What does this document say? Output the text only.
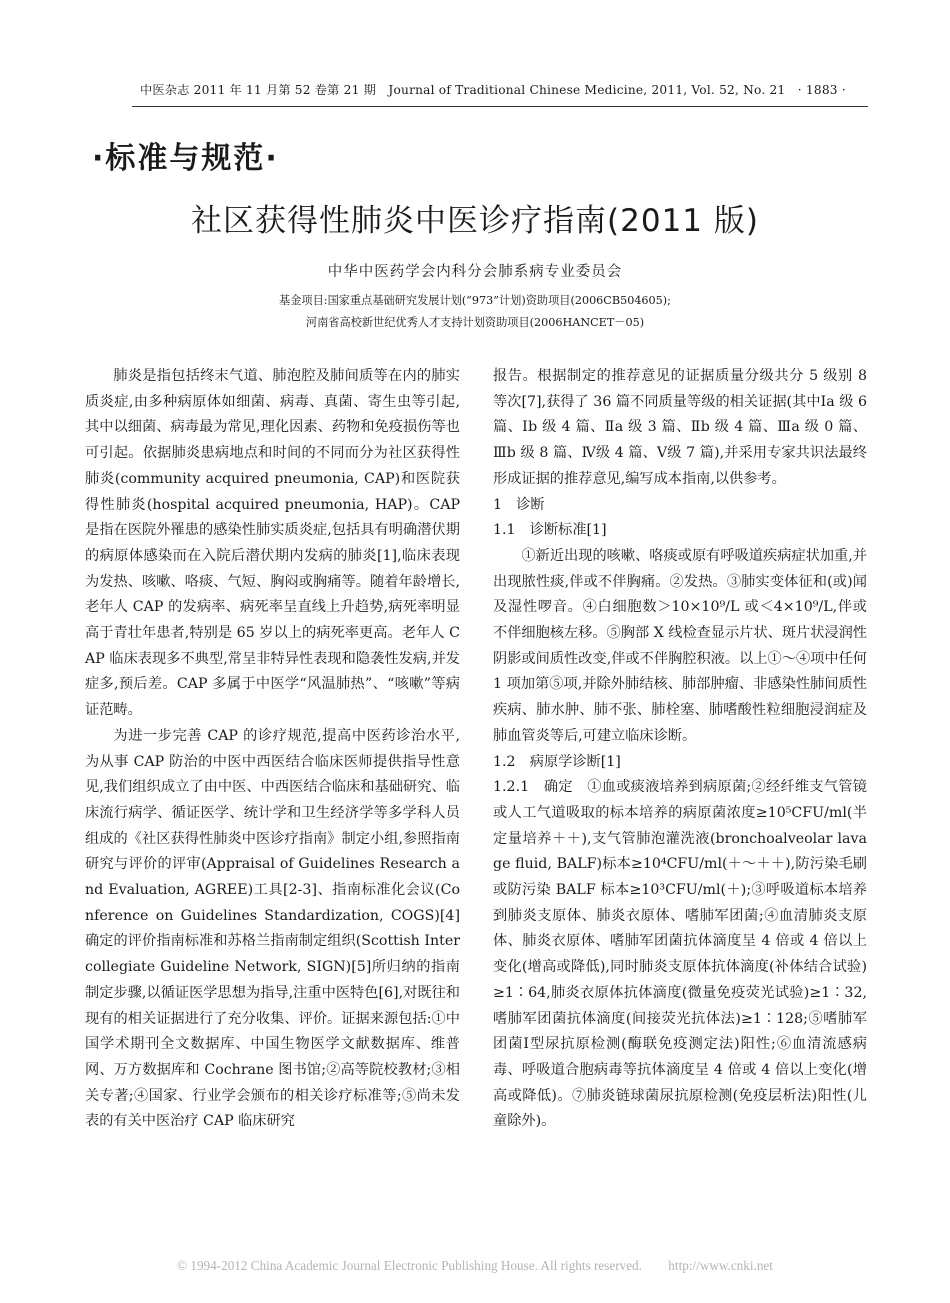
中医杂志 2011 年 11 月第 52 卷第 21 期　Journal of Traditional Chinese Medicine, 2011, Vol. 52, No. 21　· 1883 ·
·标准与规范·
社区获得性肺炎中医诊疗指南(2011 版)
中华中医药学会内科分会肺系病专业委员会
基金项目:国家重点基础研究发展计划(“973”计划)资助项目(2006CB504605);
河南省高校新世纪优秀人才支持计划资助项目(2006HANCET－05)

肺炎是指包括终末气道、肺泡腔及肺间质等在内的肺实质炎症,由多种病原体如细菌、病毒、真菌、寄生虫等引起,其中以细菌、病毒最为常见,理化因素、药物和免疫损伤等也可引起。依据肺炎患病地点和时间的不同而分为社区获得性肺炎(community acquired pneumonia, CAP)和医院获得性肺炎(hospital acquired pneumonia, HAP)。CAP 是指在医院外罹患的感染性肺实质炎症,包括具有明确潜伏期的病原体感染而在入院后潜伏期内发病的肺炎[1],临床表现为发热、咳嗽、咯痰、气短、胸闷或胸痛等。随着年龄增长,老年人 CAP 的发病率、病死率呈直线上升趋势,病死率明显高于青壮年患者,特别是 65 岁以上的病死率更高。老年人 CAP 临床表现多不典型,常呈非特异性表现和隐袭性发病,并发症多,预后差。CAP 多属于中医学“风温肺热”、“咳嗽”等病证范畴。

为进一步完善 CAP 的诊疗规范,提高中医药诊治水平,为从事 CAP 防治的中医中西医结合临床医师提供指导性意见,我们组织成立了由中医、中西医结合临床和基础研究、临床流行病学、循证医学、统计学和卫生经济学等多学科人员组成的《社区获得性肺炎中医诊疗指南》制定小组,参照指南研究与评价的评审(Appraisal of Guidelines Research and Evaluation, AGREE)工具[2-3]、指南标准化会议(Conference on Guidelines Standardization, COGS)[4]确定的评价指南标准和苏格兰指南制定组织(Scottish Intercollegiate Guideline Network, SIGN)[5]所归纳的指南制定步骤,以循证医学思想为指导,注重中医特色[6],对既往和现有的相关证据进行了充分收集、评价。证据来源包括:①中国学术期刊全文数据库、中国生物医学文献数据库、维普网、万方数据库和 Cochrane 图书馆;②高等院校教材;③相关专著;④国家、行业学会颁布的相关诊疗标准等;⑤尚未发表的有关中医治疗 CAP 临床研究

报告。根据制定的推荐意见的证据质量分级共分 5 级别 8 等次[7],获得了 36 篇不同质量等级的相关证据(其中Ⅰa 级 6 篇、Ⅰb 级 4 篇、Ⅱa 级 3 篇、Ⅱb 级 4 篇、Ⅲa 级 0 篇、Ⅲb 级 8 篇、Ⅳ级 4 篇、Ⅴ级 7 篇),并采用专家共识法最终形成证据的推荐意见,编写成本指南,以供参考。

1　诊断

1.1　诊断标准[1]

①新近出现的咳嗽、咯痰或原有呼吸道疾病症状加重,并出现脓性痰,伴或不伴胸痛。②发热。③肺实变体征和(或)闻及湿性啰音。④白细胞数＞10×10⁹/L 或＜4×10⁹/L,伴或不伴细胞核左移。⑤胸部 X 线检查显示片状、斑片状浸润性阴影或间质性改变,伴或不伴胸腔积液。以上①～④项中任何 1 项加第⑤项,并除外肺结核、肺部肿瘤、非感染性肺间质性疾病、肺水肿、肺不张、肺栓塞、肺嗜酸性粒细胞浸润症及肺血管炎等后,可建立临床诊断。

1.2　病原学诊断[1]

1.2.1　确定　①血或痰液培养到病原菌;②经纤维支气管镜或人工气道吸取的标本培养的病原菌浓度≥10⁵CFU/ml(半定量培养＋＋),支气管肺泡灌洗液(bronchoalveolar lavage fluid, BALF)标本≥10⁴CFU/ml(＋～＋＋),防污染毛刷或防污染 BALF 标本≥10³CFU/ml(＋);③呼吸道标本培养到肺炎支原体、肺炎衣原体、嗜肺军团菌;④血清肺炎支原体、肺炎衣原体、嗜肺军团菌抗体滴度呈 4 倍或 4 倍以上变化(增高或降低),同时肺炎支原体抗体滴度(补体结合试验)≥1∶64,肺炎衣原体抗体滴度(微量免疫荧光试验)≥1∶32,嗜肺军团菌抗体滴度(间接荧光抗体法)≥1∶128;⑤嗜肺军团菌Ⅰ型尿抗原检测(酶联免疫测定法)阳性;⑥血清流感病毒、呼吸道合胞病毒等抗体滴度呈 4 倍或 4 倍以上变化(增高或降低)。⑦肺炎链球菌尿抗原检测(免疫层析法)阳性(儿童除外)。

© 1994-2012 China Academic Journal Electronic Publishing House. All rights reserved.　　http://www.cnki.net
